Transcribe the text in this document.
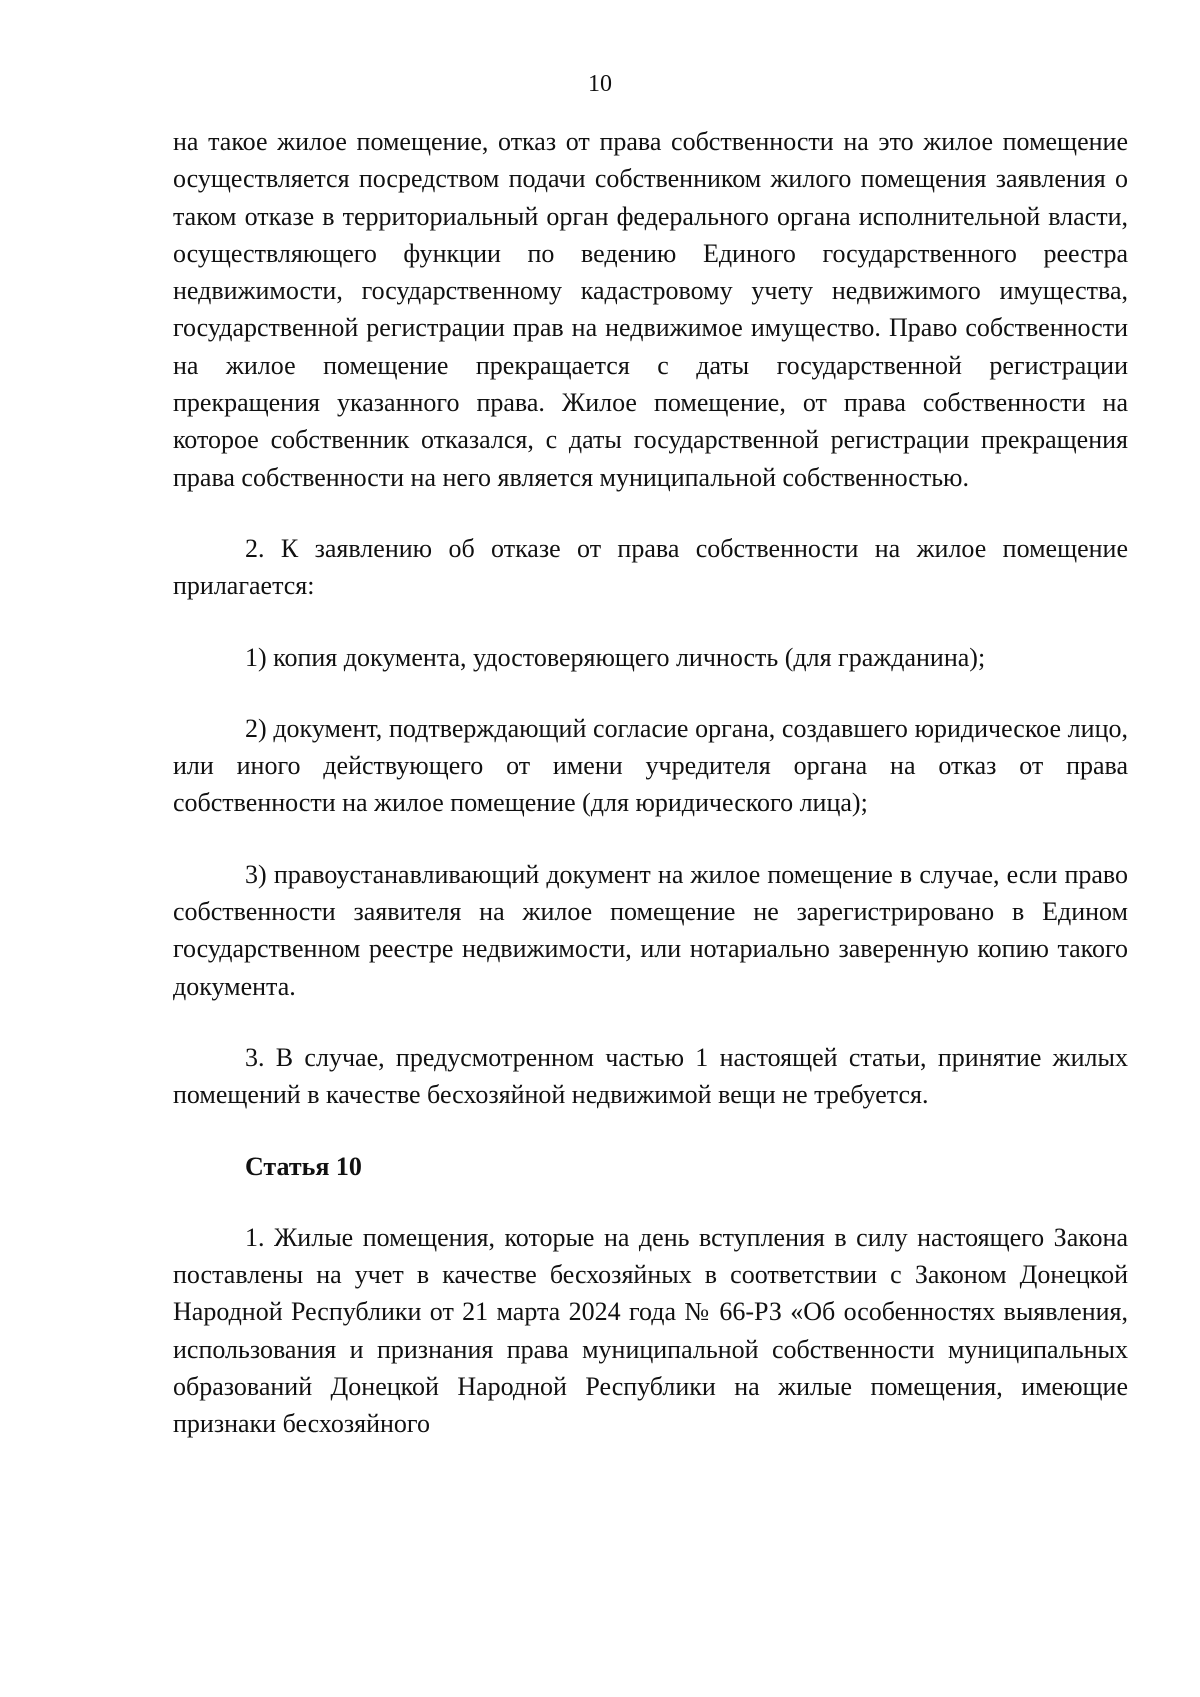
10

на такое жилое помещение, отказ от права собственности на это жилое помещение осуществляется посредством подачи собственником жилого помещения заявления о таком отказе в территориальный орган федерального органа исполнительной власти, осуществляющего функции по ведению Единого государственного реестра недвижимости, государственному кадастровому учету недвижимого имущества, государственной регистрации прав на недвижимое имущество. Право собственности на жилое помещение прекращается с даты государственной регистрации прекращения указанного права. Жилое помещение, от права собственности на которое собственник отказался, с даты государственной регистрации прекращения права собственности на него является муниципальной собственностью.

2. К заявлению об отказе от права собственности на жилое помещение прилагается:

1) копия документа, удостоверяющего личность (для гражданина);

2) документ, подтверждающий согласие органа, создавшего юридическое лицо, или иного действующего от имени учредителя органа на отказ от права собственности на жилое помещение (для юридического лица);

3) правоустанавливающий документ на жилое помещение в случае, если право собственности заявителя на жилое помещение не зарегистрировано в Едином государственном реестре недвижимости, или нотариально заверенную копию такого документа.

3. В случае, предусмотренном частью 1 настоящей статьи, принятие жилых помещений в качестве бесхозяйной недвижимой вещи не требуется.

Статья 10

1. Жилые помещения, которые на день вступления в силу настоящего Закона поставлены на учет в качестве бесхозяйных в соответствии с Законом Донецкой Народной Республики от 21 марта 2024 года № 66-РЗ «Об особенностях выявления, использования и признания права муниципальной собственности муниципальных образований Донецкой Народной Республики на жилые помещения, имеющие признаки бесхозяйного
